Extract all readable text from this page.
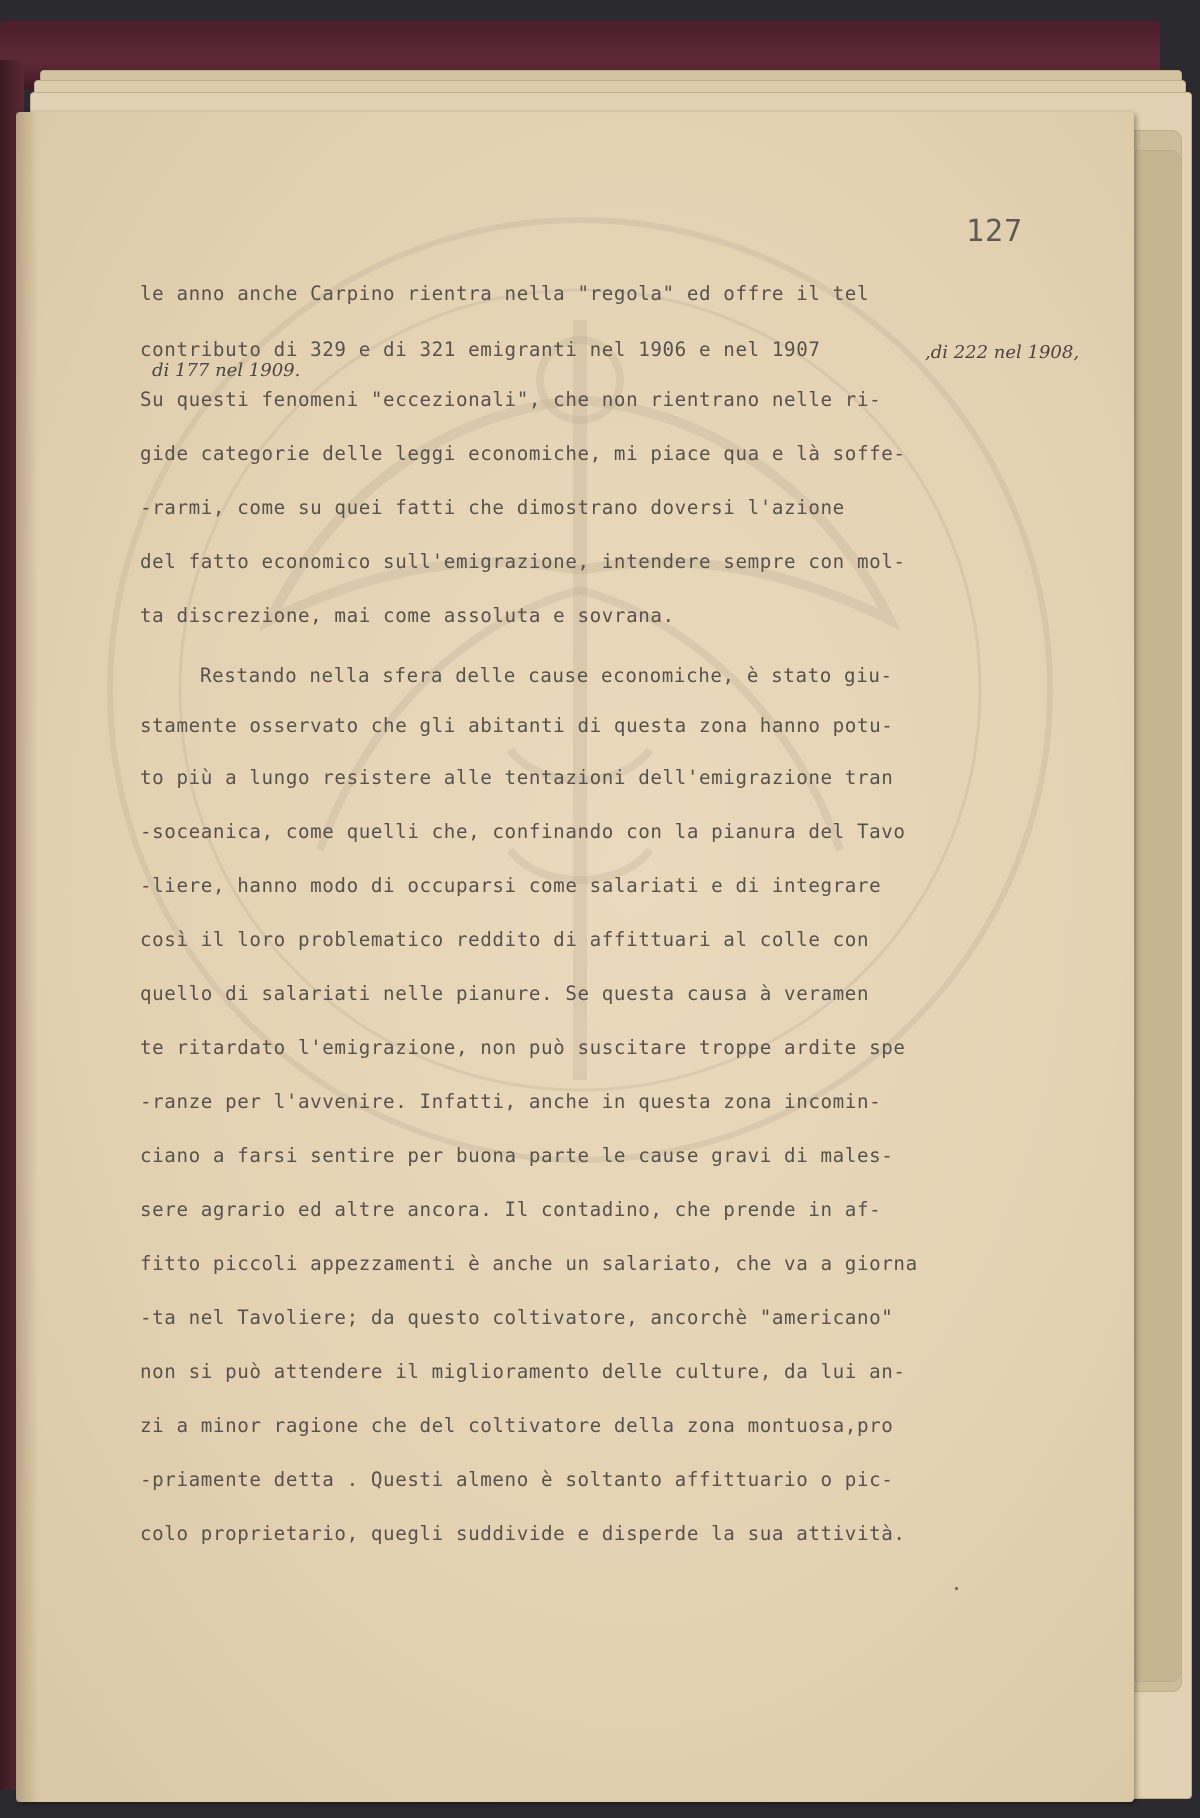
127
le anno anche Carpino rientra nella "regola" ed offre il tel
contributo di 329 e di 321 emigranti nel 1906 e nel 1907
Su questi fenomeni "eccezionali", che non rientrano nelle ri-
gide categorie delle leggi economiche, mi piace qua e là soffe-
-rarmi, come su quei fatti che dimostrano doversi l'azione
del fatto economico sull'emigrazione, intendere sempre con mol-
ta discrezione, mai come assoluta e sovrana.
Restando nella sfera delle cause economiche, è stato giu-
stamente osservato che gli abitanti di questa zona hanno potu-
to più a lungo resistere alle tentazioni dell'emigrazione tran
-soceanica, come quelli che, confinando con la pianura del Tavo
-liere, hanno modo di occuparsi come salariati e di integrare
così il loro problematico reddito di affittuari al colle con
quello di salariati nelle pianure. Se questa causa à veramen
te ritardato l'emigrazione, non può suscitare troppe ardite spe
-ranze per l'avvenire. Infatti, anche in questa zona incomin-
ciano a farsi sentire per buona parte le cause gravi di males-
sere agrario ed altre ancora. Il contadino, che prende in af-
fitto piccoli appezzamenti è anche un salariato, che va a giorna
-ta nel Tavoliere; da questo coltivatore, ancorchè "americano"
non si può attendere il miglioramento delle culture, da lui an-
zi a minor ragione che del coltivatore della zona montuosa,pro
-priamente detta . Questi almeno è soltanto affittuario o pic-
colo proprietario, quegli suddivide e disperde la sua attività.
,di 222 nel 1908,
di 177 nel 1909.
